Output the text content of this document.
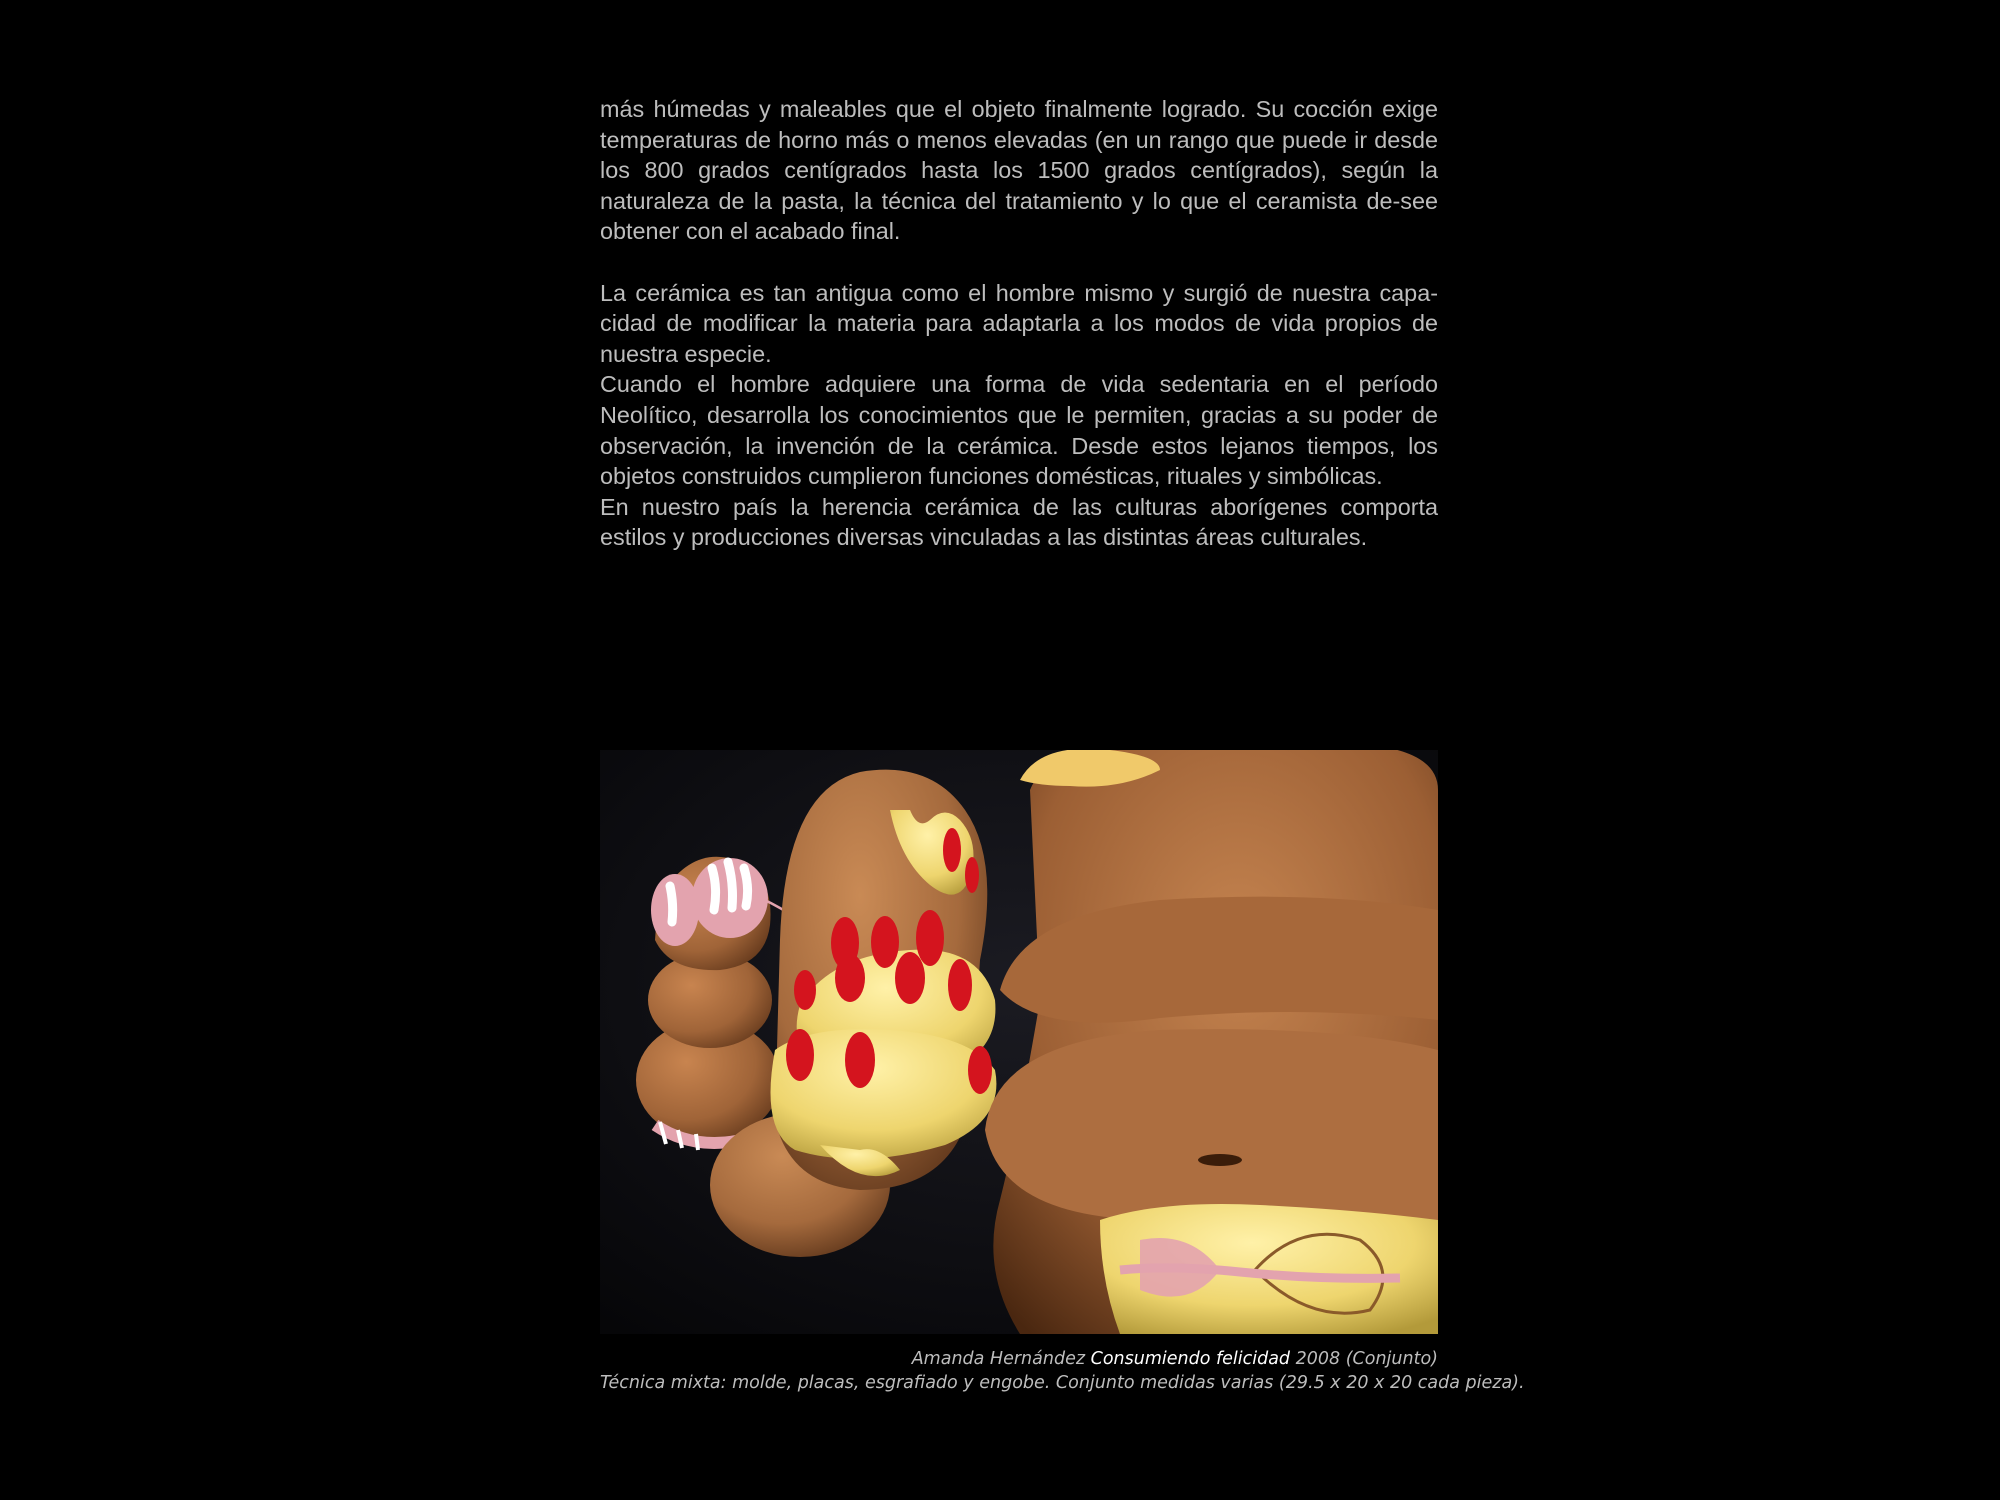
más húmedas y maleables que el objeto finalmente logrado. Su cocción exige temperaturas de horno más o menos elevadas (en un rango que puede ir desde los 800 grados centígrados hasta los 1500 grados centígrados), según la naturaleza de la pasta, la técnica del tratamiento y lo que el ceramista de-see obtener con el acabado final.

La cerámica es tan antigua como el hombre mismo y surgió de nuestra capa-cidad de modificar la materia para adaptarla a los modos de vida propios de nuestra especie.

Cuando el hombre adquiere una forma de vida sedentaria en el período Neolítico, desarrolla los conocimientos que le permiten, gracias a su poder de observación, la invención de la cerámica. Desde estos lejanos tiempos, los objetos construidos cumplieron funciones domésticas, rituales y simbólicas.

En nuestro país la herencia cerámica de las culturas aborígenes comporta estilos y producciones diversas vinculadas a las distintas áreas culturales.

Amanda Hernández Consumiendo felicidad 2008 (Conjunto)
Técnica mixta: molde, placas, esgrafiado y engobe. Conjunto medidas varias (29.5 x 20 x 20 cada pieza).
